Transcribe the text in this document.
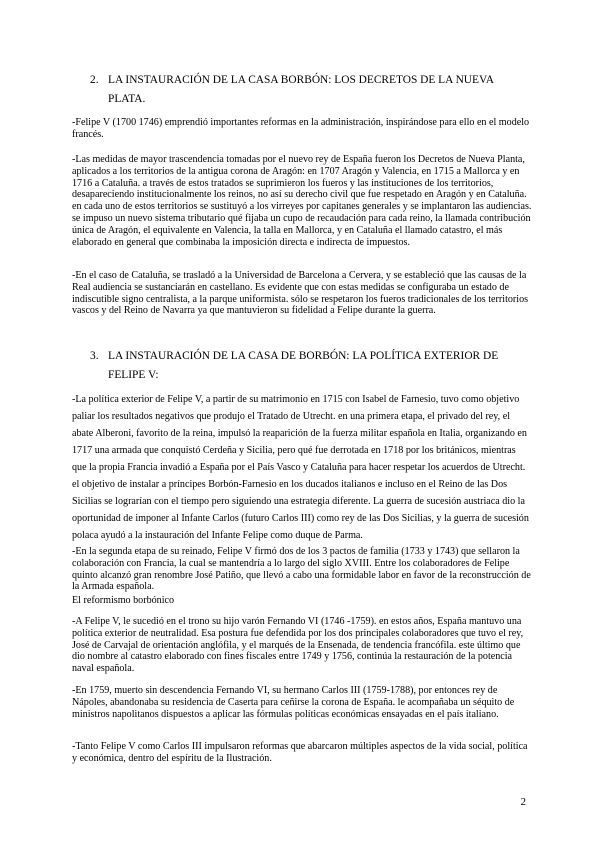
2. LA INSTAURACIÓN DE LA CASA BORBÓN: LOS DECRETOS DE LA NUEVA PLATA.

-Felipe V (1700 1746) emprendió importantes reformas en la administración, inspirándose para ello en el modelo francés.

-Las medidas de mayor trascendencia tomadas por el nuevo rey de España fueron los Decretos de Nueva Planta, aplicados a los territorios de la antigua corona de Aragón: en 1707 Aragón y Valencia, en 1715 a Mallorca y en 1716 a Cataluña. a través de estos tratados se suprimieron los fueros y las instituciones de los territorios, desapareciendo institucionalmente los reinos, no así su derecho civil que fue respetado en Aragón y en Cataluña. en cada uno de estos territorios se sustituyó a los virreyes por capitanes generales y se implantaron las audiencias. se impuso un nuevo sistema tributario qué fijaba un cupo de recaudación para cada reino, la llamada contribución única de Aragón, el equivalente en Valencia, la talla en Mallorca, y en Cataluña el llamado catastro, el más elaborado en general que combinaba la imposición directa e indirecta de impuestos.

-En el caso de Cataluña, se trasladó a la Universidad de Barcelona a Cervera, y se estableció que las causas de la Real audiencia se sustanciarán en castellano. Es evidente que con estas medidas se configuraba un estado de indiscutible signo centralista, a la parque uniformista. sólo se respetaron los fueros tradicionales de los territorios vascos y del Reino de Navarra ya que mantuvieron su fidelidad a Felipe durante la guerra.

3. LA INSTAURACIÓN DE LA CASA DE BORBÓN: LA POLÍTICA EXTERIOR DE FELIPE V:

-La política exterior de Felipe V, a partir de su matrimonio en 1715 con Isabel de Farnesio, tuvo como objetivo paliar los resultados negativos que produjo el Tratado de Utrecht. en una primera etapa, el privado del rey, el abate Alberoni, favorito de la reina, impulsó la reaparición de la fuerza militar española en Italia, organizando en 1717 una armada que conquistó Cerdeña y Sicilia, pero qué fue derrotada en 1718 por los británicos, mientras que la propia Francia invadió a España por el País Vasco y Cataluña para hacer respetar los acuerdos de Utrecht. el objetivo de instalar a príncipes Borbón-Farnesio en los ducados italianos e incluso en el Reino de las Dos Sicilias se lograrían con el tiempo pero siguiendo una estrategia diferente. La guerra de sucesión austriaca dio la oportunidad de imponer al Infante Carlos (futuro Carlos III) como rey de las Dos Sicilias, y la guerra de sucesión polaca ayudó a la instauración del Infante Felipe como duque de Parma.

-En la segunda etapa de su reinado, Felipe V firmó dos de los 3 pactos de familia (1733 y 1743) que sellaron la colaboración con Francia, la cual se mantendría a lo largo del siglo XVIII. Entre los colaboradores de Felipe quinto alcanzó gran renombre José Patiño, que llevó a cabo una formidable labor en favor de la reconstrucción de la Armada española.

El reformismo borbónico

-A Felipe V, le sucedió en el trono su hijo varón Fernando VI (1746 -1759). en estos años, España mantuvo una política exterior de neutralidad. Esa postura fue defendida por los dos principales colaboradores que tuvo el rey, José de Carvajal de orientación anglófila, y el marqués de la Ensenada, de tendencia francófila. este último que dio nombre al catastro elaborado con fines fiscales entre 1749 y 1756, continúa la restauración de la potencia naval española.

-En 1759, muerto sin descendencia Fernando VI, su hermano Carlos III (1759-1788), por entonces rey de Nápoles, abandonaba su residencia de Caserta para ceñirse la corona de España. le acompañaba un séquito de ministros napolitanos dispuestos a aplicar las fórmulas políticas económicas ensayadas en el país italiano.

-Tanto Felipe V como Carlos III impulsaron reformas que abarcaron múltiples aspectos de la vida social, política y económica, dentro del espíritu de la Ilustración.

2
